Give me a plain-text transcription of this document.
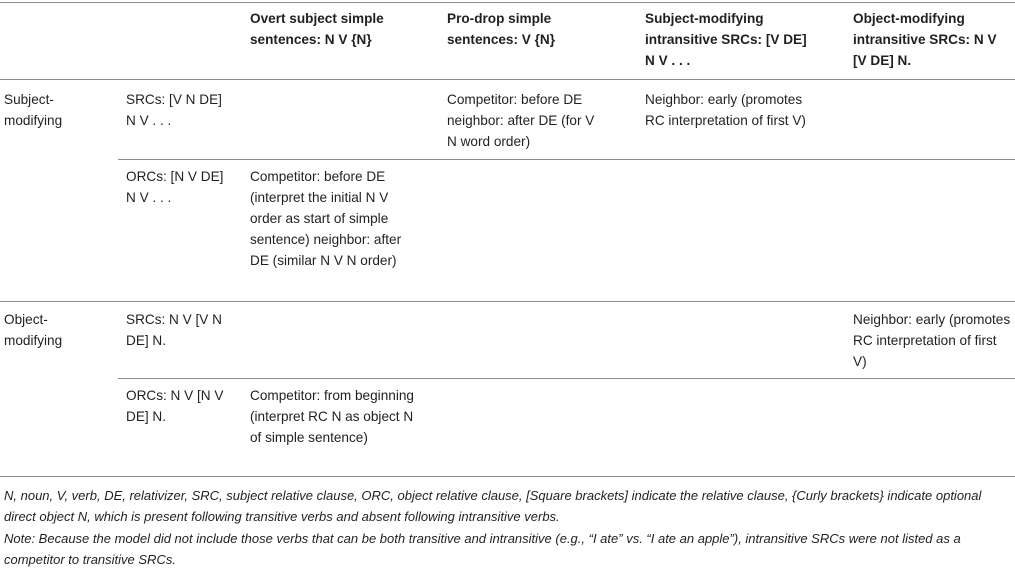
Overt subject simple sentences: N V {N}
Pro-drop simple sentences: V {N}
Subject-modifying intransitive SRCs: [V DE] N V . . .
Object-modifying intransitive SRCs: N V [V DE] N.
Subject-modifying
SRCs: [V N DE] N V . . .
Competitor: before DE neighbor: after DE (for V N word order)
Neighbor: early (promotes RC interpretation of first V)
ORCs: [N V DE] N V . . .
Competitor: before DE (interpret the initial N V order as start of simple sentence) neighbor: after DE (similar N V N order)
Object-modifying
SRCs: N V [V N DE] N.
Neighbor: early (promotes RC interpretation of first V)
ORCs: N V [N V DE] N.
Competitor: from beginning (interpret RC N as object N of simple sentence)
N, noun, V, verb, DE, relativizer, SRC, subject relative clause, ORC, object relative clause, [Square brackets] indicate the relative clause, {Curly brackets} indicate optional direct object N, which is present following transitive verbs and absent following intransitive verbs.
Note: Because the model did not include those verbs that can be both transitive and intransitive (e.g., “I ate” vs. “I ate an apple”), intransitive SRCs were not listed as a competitor to transitive SRCs.
